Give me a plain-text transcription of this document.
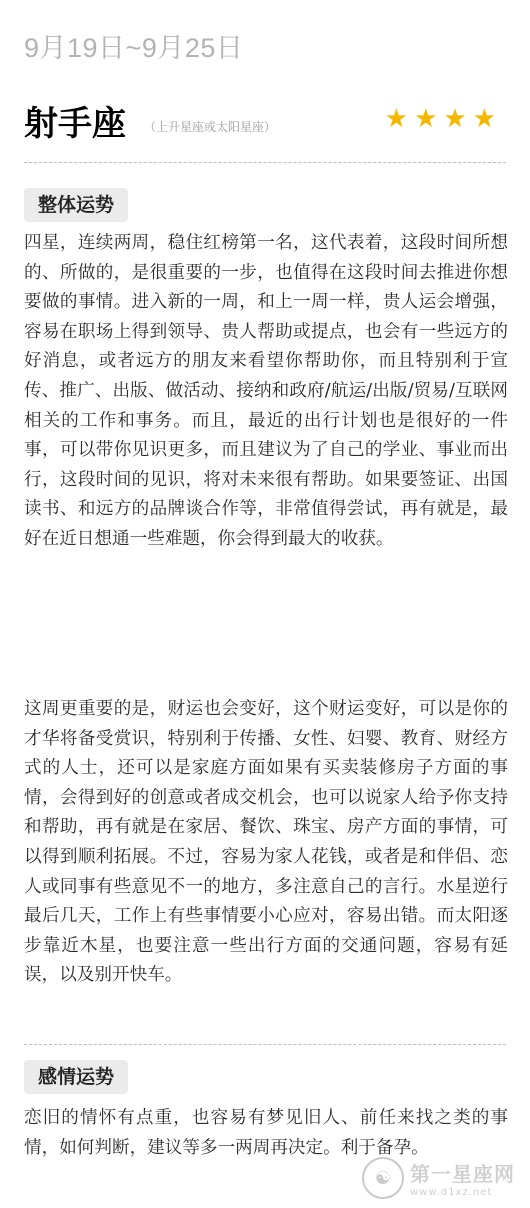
9月19日~9月25日
射手座 （上升星座或太阳星座）	★ ★ ★ ★
整体运势
四星，连续两周，稳住红榜第一名，这代表着，这段时间所想的、所做的，是很重要的一步，也值得在这段时间去推进你想要做的事情。进入新的一周，和上一周一样，贵人运会增强，容易在职场上得到领导、贵人帮助或提点，也会有一些远方的好消息，或者远方的朋友来看望你帮助你，而且特别利于宣传、推广、出版、做活动、接纳和政府/航运/出版/贸易/互联网相关的工作和事务。而且，最近的出行计划也是很好的一件事，可以带你见识更多，而且建议为了自己的学业、事业而出行，这段时间的见识，将对未来很有帮助。如果要签证、出国读书、和远方的品牌谈合作等，非常值得尝试，再有就是，最好在近日想通一些难题，你会得到最大的收获。
这周更重要的是，财运也会变好，这个财运变好，可以是你的才华将备受赏识，特别利于传播、女性、妇婴、教育、财经方式的人士，还可以是家庭方面如果有买卖装修房子方面的事情，会得到好的创意或者成交机会，也可以说家人给予你支持和帮助，再有就是在家居、餐饮、珠宝、房产方面的事情，可以得到顺利拓展。不过，容易为家人花钱，或者是和伴侣、恋人或同事有些意见不一的地方，多注意自己的言行。水星逆行最后几天，工作上有些事情要小心应对，容易出错。而太阳逐步靠近木星，也要注意一些出行方面的交通问题，容易有延误，以及别开快车。
感情运势
恋旧的情怀有点重，也容易有梦见旧人、前任来找之类的事情，如何判断，建议等多一两周再决定。利于备孕。
☯ 第一星座网
www.d1xz.net
